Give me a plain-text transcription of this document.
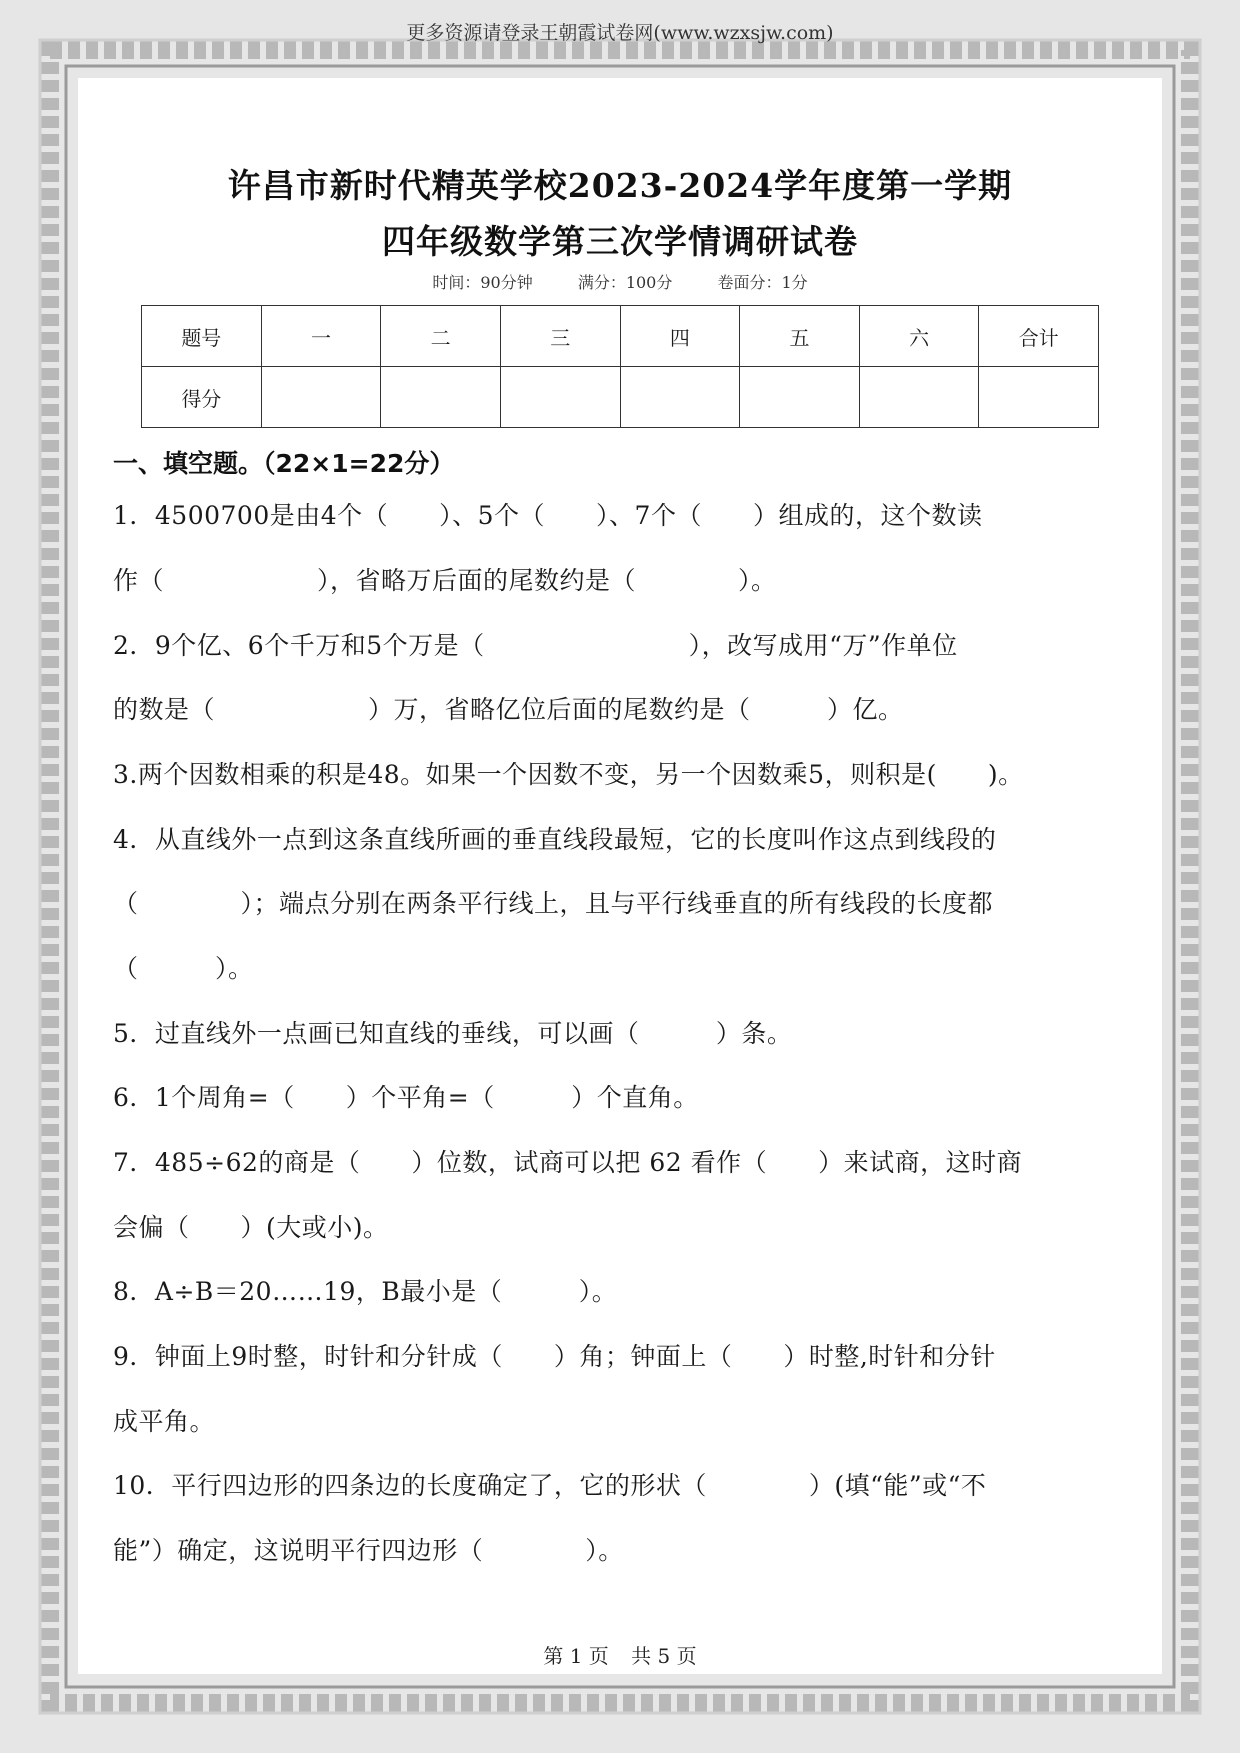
更多资源请登录王朝霞试卷网(www.wzxsjw.com)
许昌市新时代精英学校2023-2024学年度第一学期
四年级数学第三次学情调研试卷
时间：90分钟	满分：100分	卷面分：1分
题号	一	二	三	四	五	六	合计
得分							
一、填空题。（22×1=22分）
1．4500700是由4个（　　）、5个（　　）、7个（　　）组成的，这个数读
作（　　　　　　），省略万后面的尾数约是（　　　　）。
2．9个亿、6个千万和5个万是（　　　　　　　　），改写成用“万”作单位
的数是（　　　　　　）万，省略亿位后面的尾数约是（　　　）亿。
3.两个因数相乘的积是48。如果一个因数不变，另一个因数乘5，则积是(　　)。
4．从直线外一点到这条直线所画的垂直线段最短，它的长度叫作这点到线段的
（　　　　）；端点分别在两条平行线上，且与平行线垂直的所有线段的长度都
（　　　）。
5．过直线外一点画已知直线的垂线，可以画（　　　）条。
6．1个周角=（　　）个平角=（　　　）个直角。
7．485÷62的商是（　　）位数，试商可以把 62 看作（　　）来试商，这时商
会偏（　　）(大或小)。
8．A÷B＝20……19，B最小是（　　　）。
9．钟面上9时整，时针和分针成（　　）角；钟面上（　　）时整,时针和分针
成平角。
10．平行四边形的四条边的长度确定了，它的形状（　　　　）(填“能”或“不
能”）确定，这说明平行四边形（　　　　）。
第 1 页 共 5 页
